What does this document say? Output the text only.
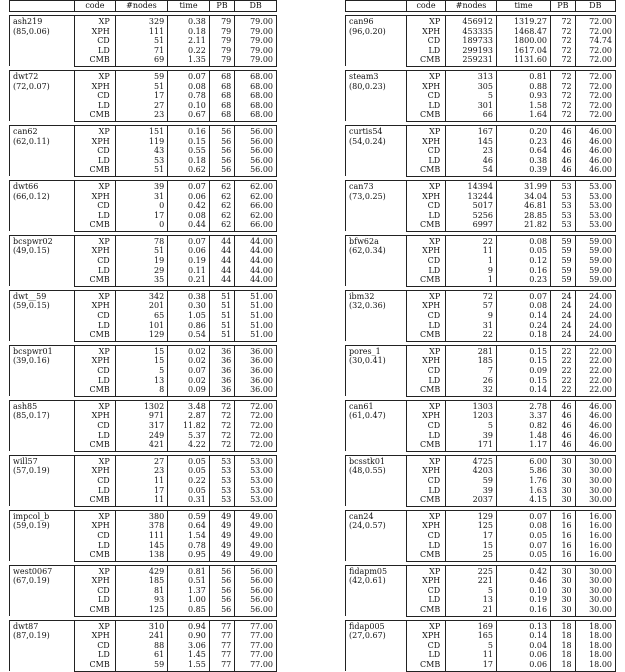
	code	#nodes	time	PB	DB

ash219
(85,0.06)	XP	329	0.38	79	79.00
	XPH	111	0.18	79	79.00
	CD	51	2.11	79	79.00
	LD	71	0.22	79	79.00
	CMB	69	1.35	79	79.00

dwt72
(72,0.07)	XP	59	0.07	68	68.00
	XPH	51	0.08	68	68.00
	CD	17	0.78	68	68.00
	LD	27	0.10	68	68.00
	CMB	23	0.67	68	68.00

can62
(62,0.11)	XP	151	0.16	56	56.00
	XPH	119	0.15	56	56.00
	CD	43	0.55	56	56.00
	LD	53	0.18	56	56.00
	CMB	51	0.62	56	56.00

dwt66
(66,0.12)	XP	39	0.07	62	62.00
	XPH	31	0.06	62	62.00
	CD	0	0.42	62	66.00
	LD	17	0.08	62	62.00
	CMB	0	0.44	62	66.00

bcspwr02
(49,0.15)	XP	78	0.07	44	44.00
	XPH	51	0.06	44	44.00
	CD	19	0.19	44	44.00
	LD	29	0.11	44	44.00
	CMB	35	0.21	44	44.00

dwt__59
(59,0.15)	XP	342	0.38	51	51.00
	XPH	201	0.30	51	51.00
	CD	65	1.05	51	51.00
	LD	101	0.86	51	51.00
	CMB	129	0.54	51	51.00

bcspwr01
(39,0.16)	XP	15	0.02	36	36.00
	XPH	15	0.02	36	36.00
	CD	5	0.07	36	36.00
	LD	13	0.02	36	36.00
	CMB	8	0.09	36	36.00

ash85
(85,0.17)	XP	1302	3.48	72	72.00
	XPH	971	2.87	72	72.00
	CD	317	11.82	72	72.00
	LD	249	5.37	72	72.00
	CMB	421	4.22	72	72.00

will57
(57,0.19)	XP	27	0.05	53	53.00
	XPH	23	0.05	53	53.00
	CD	11	0.22	53	53.00
	LD	17	0.05	53	53.00
	CMB	11	0.31	53	53.00

impcol_b
(59,0.19)	XP	380	0.59	49	49.00
	XPH	378	0.64	49	49.00
	CD	111	1.54	49	49.00
	LD	145	0.78	49	49.00
	CMB	138	0.95	49	49.00

west0067
(67,0.19)	XP	429	0.81	56	56.00
	XPH	185	0.51	56	56.00
	CD	81	1.37	56	56.00
	LD	93	1.00	56	56.00
	CMB	125	0.85	56	56.00

dwt87
(87,0.19)	XP	310	0.94	77	77.00
	XPH	241	0.90	77	77.00
	CD	88	3.06	77	77.00
	LD	61	1.45	77	77.00
	CMB	59	1.55	77	77.00
	code	#nodes	time	PB	DB

can96
(96,0.20)	XP	456912	1319.27	72	72.00
	XPH	453335	1468.47	72	72.00
	CD	189733	1800.00	72	74.74
	LD	299193	1617.04	72	72.00
	CMB	259231	1131.60	72	72.00

steam3
(80,0.23)	XP	313	0.81	72	72.00
	XPH	305	0.88	72	72.00
	CD	5	0.93	72	72.00
	LD	301	1.58	72	72.00
	CMB	66	1.64	72	72.00

curtis54
(54,0.24)	XP	167	0.20	46	46.00
	XPH	145	0.23	46	46.00
	CD	23	0.64	46	46.00
	LD	46	0.38	46	46.00
	CMB	54	0.39	46	46.00

can73
(73,0.25)	XP	14394	31.99	53	53.00
	XPH	13244	34.04	53	53.00
	CD	5017	46.81	53	53.00
	LD	5256	28.85	53	53.00
	CMB	6997	21.82	53	53.00

bfw62a
(62,0.34)	XP	22	0.08	59	59.00
	XPH	11	0.05	59	59.00
	CD	1	0.12	59	59.00
	LD	9	0.16	59	59.00
	CMB	1	0.23	59	59.00

ibm32
(32,0.36)	XP	72	0.07	24	24.00
	XPH	57	0.08	24	24.00
	CD	9	0.14	24	24.00
	LD	31	0.24	24	24.00
	CMB	22	0.18	24	24.00

pores_1
(30,0.41)	XP	281	0.15	22	22.00
	XPH	185	0.15	22	22.00
	CD	7	0.09	22	22.00
	LD	26	0.15	22	22.00
	CMB	32	0.14	22	22.00

can61
(61,0.47)	XP	1303	2.78	46	46.00
	XPH	1203	3.37	46	46.00
	CD	5	0.82	46	46.00
	LD	39	1.48	46	46.00
	CMB	171	1.17	46	46.00

bcsstk01
(48,0.55)	XP	4725	6.00	30	30.00
	XPH	4203	5.86	30	30.00
	CD	59	1.76	30	30.00
	LD	39	1.63	30	30.00
	CMB	2037	4.15	30	30.00

can24
(24,0.57)	XP	129	0.07	16	16.00
	XPH	125	0.08	16	16.00
	CD	17	0.05	16	16.00
	LD	15	0.07	16	16.00
	CMB	25	0.05	16	16.00

fidapm05
(42,0.61)	XP	225	0.42	30	30.00
	XPH	221	0.46	30	30.00
	CD	5	0.10	30	30.00
	LD	13	0.19	30	30.00
	CMB	21	0.16	30	30.00

fidap005
(27,0.67)	XP	169	0.13	18	18.00
	XPH	165	0.14	18	18.00
	CD	5	0.04	18	18.00
	LD	11	0.06	18	18.00
	CMB	17	0.06	18	18.00
